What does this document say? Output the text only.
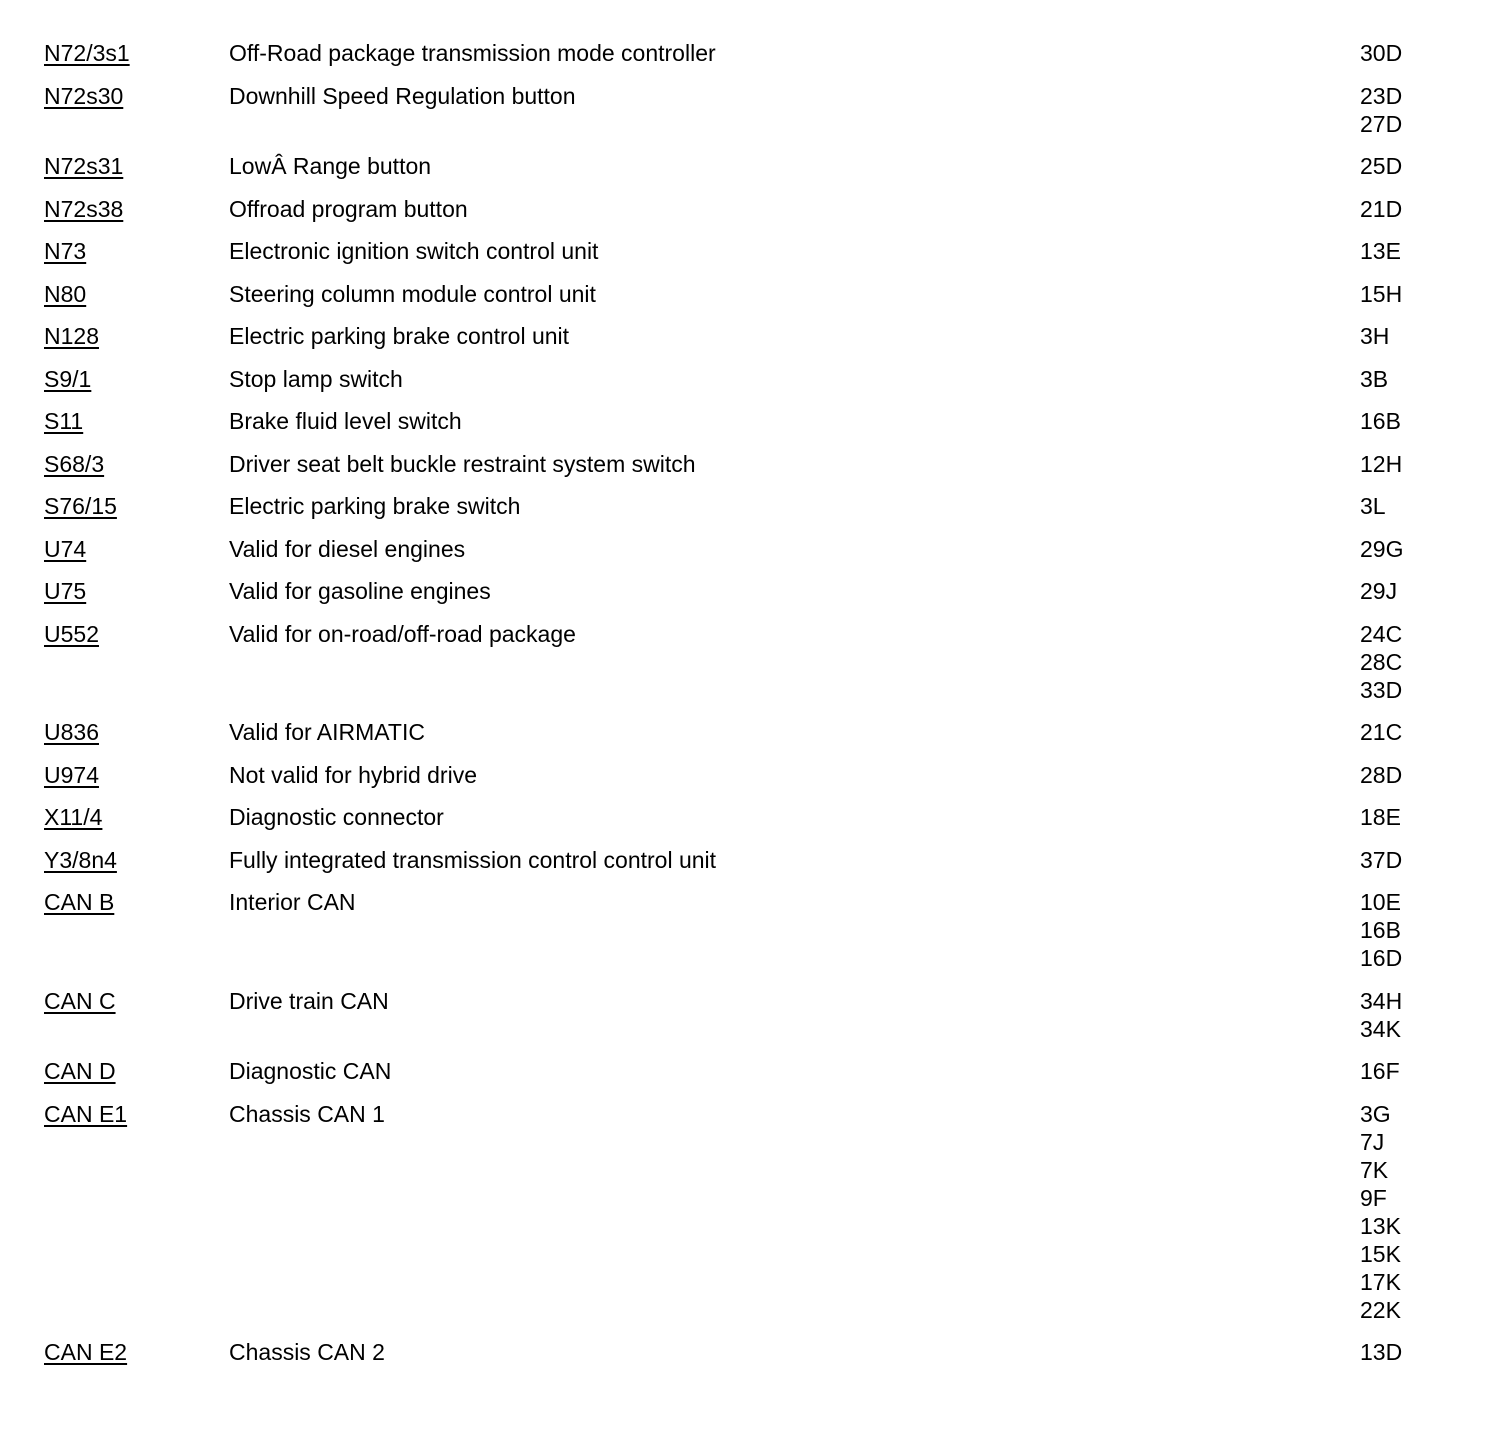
N72/3s1	Off-Road package transmission mode controller	30D
N72s30	Downhill Speed Regulation button	23D
27D
N72s31	LowÂ Range button	25D
N72s38	Offroad program button	21D
N73	Electronic ignition switch control unit	13E
N80	Steering column module control unit	15H
N128	Electric parking brake control unit	3H
S9/1	Stop lamp switch	3B
S11	Brake fluid level switch	16B
S68/3	Driver seat belt buckle restraint system switch	12H
S76/15	Electric parking brake switch	3L
U74	Valid for diesel engines	29G
U75	Valid for gasoline engines	29J
U552	Valid for on-road/off-road package	24C
28C
33D
U836	Valid for AIRMATIC	21C
U974	Not valid for hybrid drive	28D
X11/4	Diagnostic connector	18E
Y3/8n4	Fully integrated transmission control control unit	37D
CAN B	Interior CAN	10E
16B
16D
CAN C	Drive train CAN	34H
34K
CAN D	Diagnostic CAN	16F
CAN E1	Chassis CAN 1	3G
7J
7K
9F
13K
15K
17K
22K
CAN E2	Chassis CAN 2	13D
